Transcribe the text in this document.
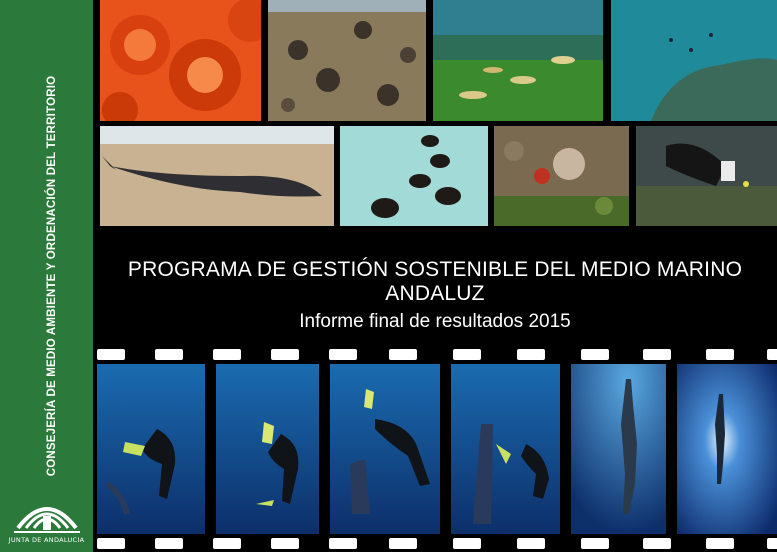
CONSEJERÍA DE MEDIO AMBIENTE Y ORDENACIÓN DEL TERRITORIO
JUNTA DE ANDALUCIA
PROGRAMA DE GESTIÓN SOSTENIBLE DEL MEDIO MARINO ANDALUZ
Informe final de resultados 2015
